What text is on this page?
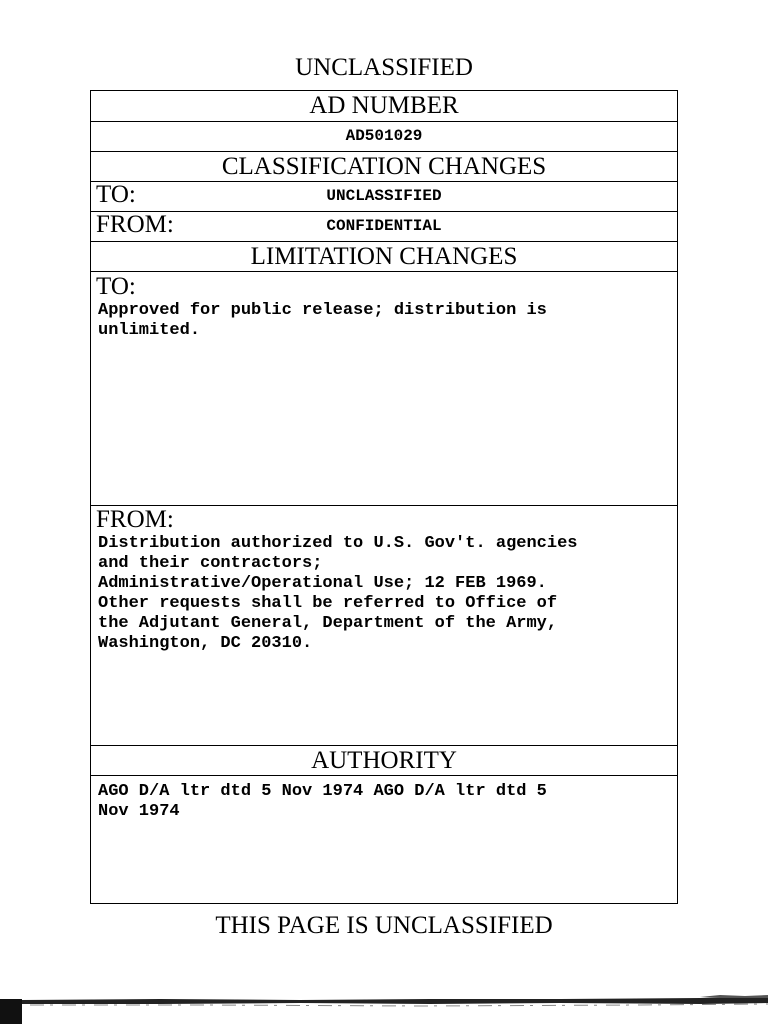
UNCLASSIFIED
AD NUMBER
AD501029
CLASSIFICATION CHANGES
TO:	UNCLASSIFIED
FROM:	CONFIDENTIAL
LIMITATION CHANGES
TO:
Approved for public release; distribution is
unlimited.
FROM:
Distribution authorized to U.S. Gov't. agencies
and their contractors;
Administrative/Operational Use; 12 FEB 1969.
Other requests shall be referred to Office of
the Adjutant General, Department of the Army,
Washington, DC 20310.
AUTHORITY
AGO D/A ltr dtd 5 Nov 1974 AGO D/A ltr dtd 5
Nov 1974
THIS PAGE IS UNCLASSIFIED
